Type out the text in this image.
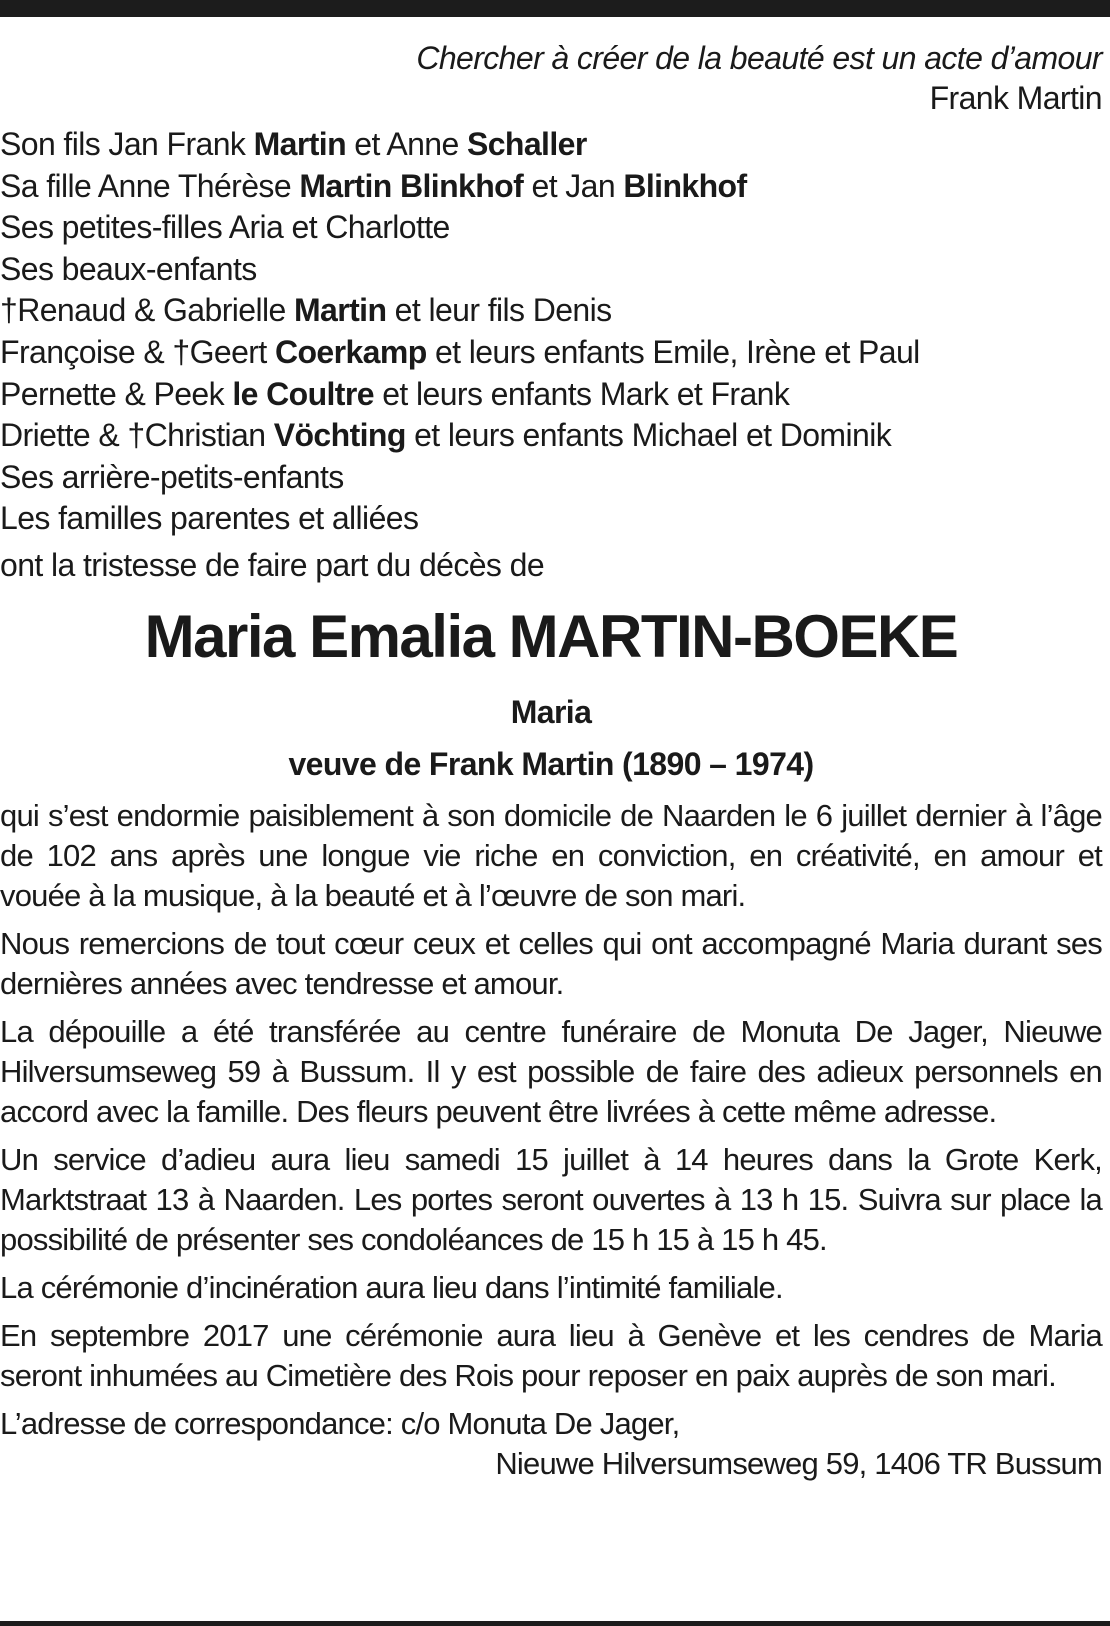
Chercher à créer de la beauté est un acte d’amour
Frank Martin
Son fils Jan Frank Martin et Anne Schaller
Sa fille Anne Thérèse Martin Blinkhof et Jan Blinkhof
Ses petites-filles Aria et Charlotte
Ses beaux-enfants
†Renaud & Gabrielle Martin et leur fils Denis
Françoise & †Geert Coerkamp et leurs enfants Emile, Irène et Paul
Pernette & Peek le Coultre et leurs enfants Mark et Frank
Driette & †Christian Vöchting et leurs enfants Michael et Dominik
Ses arrière-petits-enfants
Les familles parentes et alliées
ont la tristesse de faire part du décès de
Maria Emalia MARTIN-BOEKE
Maria
veuve de Frank Martin (1890 – 1974)
qui s’est endormie paisiblement à son domicile de Naarden le 6 juillet dernier à l’âge de 102 ans après une longue vie riche en conviction, en créativité, en amour et vouée à la musique, à la beauté et à l’œuvre de son mari.
Nous remercions de tout cœur ceux et celles qui ont accompagné Maria durant ses dernières années avec tendresse et amour.
La dépouille a été transférée au centre funéraire de Monuta De Jager, Nieuwe Hilversumseweg 59 à Bussum. Il y est possible de faire des adieux personnels en accord avec la famille. Des fleurs peuvent être livrées à cette même adresse.
Un service d’adieu aura lieu samedi 15 juillet à 14 heures dans la Grote Kerk, Marktstraat 13 à Naarden. Les portes seront ouvertes à 13 h 15. Suivra sur place la possibilité de présenter ses condoléances de 15 h 15 à 15 h 45.
La cérémonie d’incinération aura lieu dans l’intimité familiale.
En septembre 2017 une cérémonie aura lieu à Genève et les cendres de Maria seront inhumées au Cimetière des Rois pour reposer en paix auprès de son mari.
L’adresse de correspondance: c/o Monuta De Jager,
Nieuwe Hilversumseweg 59, 1406 TR Bussum
